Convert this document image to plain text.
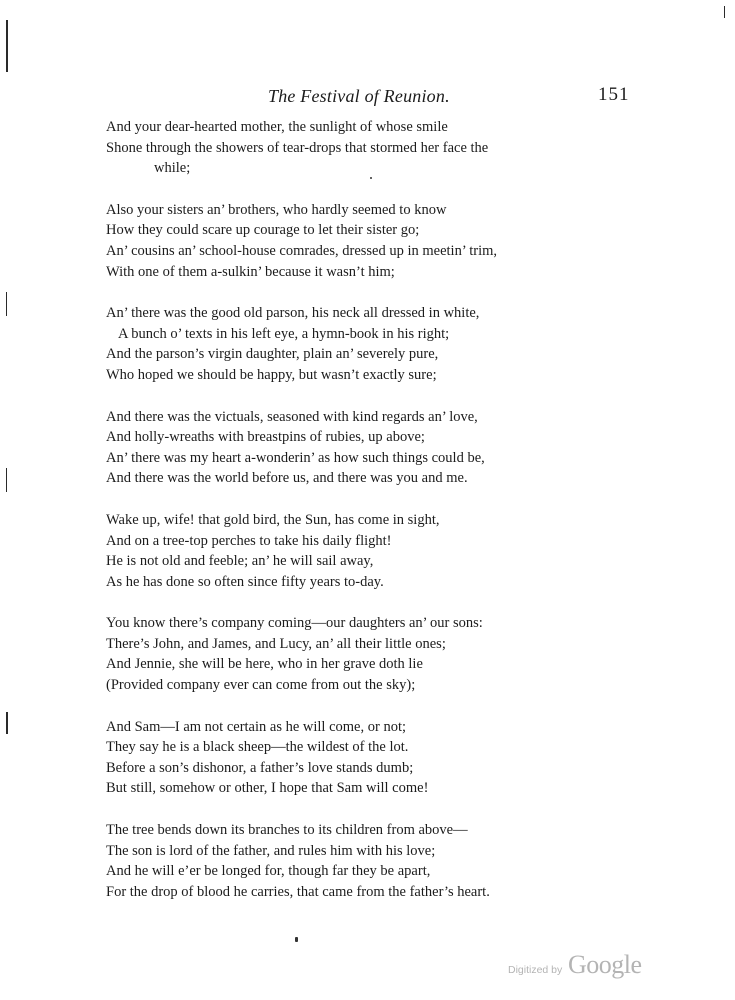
The Festival of Reunion.	151
And your dear-hearted mother, the sunlight of whose smile
Shone through the showers of tear-drops that stormed her face the
while;
Also your sisters an’ brothers, who hardly seemed to know
How they could scare up courage to let their sister go;
An’ cousins an’ school-house comrades, dressed up in meetin’ trim,
With one of them a-sulkin’ because it wasn’t him;
An’ there was the good old parson, his neck all dressed in white,
A bunch o’ texts in his left eye, a hymn-book in his right;
And the parson’s virgin daughter, plain an’ severely pure,
Who hoped we should be happy, but wasn’t exactly sure;
And there was the victuals, seasoned with kind regards an’ love,
And holly-wreaths with breastpins of rubies, up above;
An’ there was my heart a-wonderin’ as how such things could be,
And there was the world before us, and there was you and me.
Wake up, wife! that gold bird, the Sun, has come in sight,
And on a tree-top perches to take his daily flight!
He is not old and feeble; an’ he will sail away,
As he has done so often since fifty years to-day.
You know there’s company coming—our daughters an’ our sons:
There’s John, and James, and Lucy, an’ all their little ones;
And Jennie, she will be here, who in her grave doth lie
(Provided company ever can come from out the sky);
And Sam—I am not certain as he will come, or not;
They say he is a black sheep—the wildest of the lot.
Before a son’s dishonor, a father’s love stands dumb;
But still, somehow or other, I hope that Sam will come!
The tree bends down its branches to its children from above—
The son is lord of the father, and rules him with his love;
And he will e’er be longed for, though far they be apart,
For the drop of blood he carries, that came from the father’s heart.
Digitized by Google
